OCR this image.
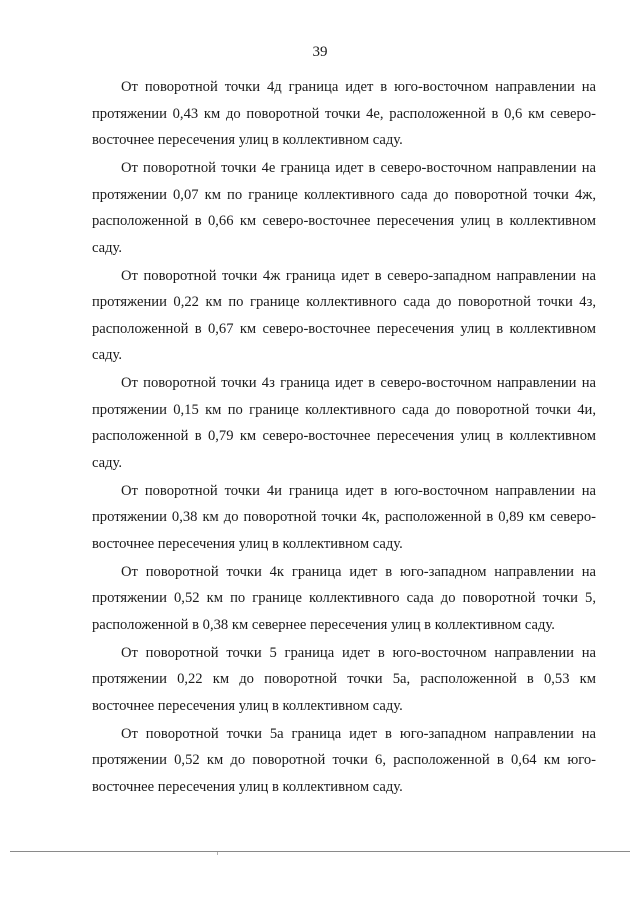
39

От поворотной точки 4д граница идет в юго-восточном направлении на протяжении 0,43 км до поворотной точки 4е, расположенной в 0,6 км северо-восточнее пересечения улиц в коллективном саду.

От поворотной точки 4е граница идет в северо-восточном направлении на протяжении 0,07 км по границе коллективного сада до поворотной точки 4ж, расположенной в 0,66 км северо-восточнее пересечения улиц в коллективном саду.

От поворотной точки 4ж граница идет в северо-западном направлении на протяжении 0,22 км по границе коллективного сада до поворотной точки 4з, расположенной в 0,67 км северо-восточнее пересечения улиц в коллективном саду.

От поворотной точки 4з граница идет в северо-восточном направлении на протяжении 0,15 км по границе коллективного сада до поворотной точки 4и, расположенной в 0,79 км северо-восточнее пересечения улиц в коллективном саду.

От поворотной точки 4и граница идет в юго-восточном направлении на протяжении 0,38 км до поворотной точки 4к, расположенной в 0,89 км северо-восточнее пересечения улиц в коллективном саду.

От поворотной точки 4к граница идет в юго-западном направлении на протяжении 0,52 км по границе коллективного сада до поворотной точки 5, расположенной в 0,38 км севернее пересечения улиц в коллективном саду.

От поворотной точки 5 граница идет в юго-восточном направлении на протяжении 0,22 км до поворотной точки 5а, расположенной в 0,53 км восточнее пересечения улиц в коллективном саду.

От поворотной точки 5а граница идет в юго-западном направлении на протяжении 0,52 км до поворотной точки 6, расположенной в 0,64 км юго-восточнее пересечения улиц в коллективном саду.
